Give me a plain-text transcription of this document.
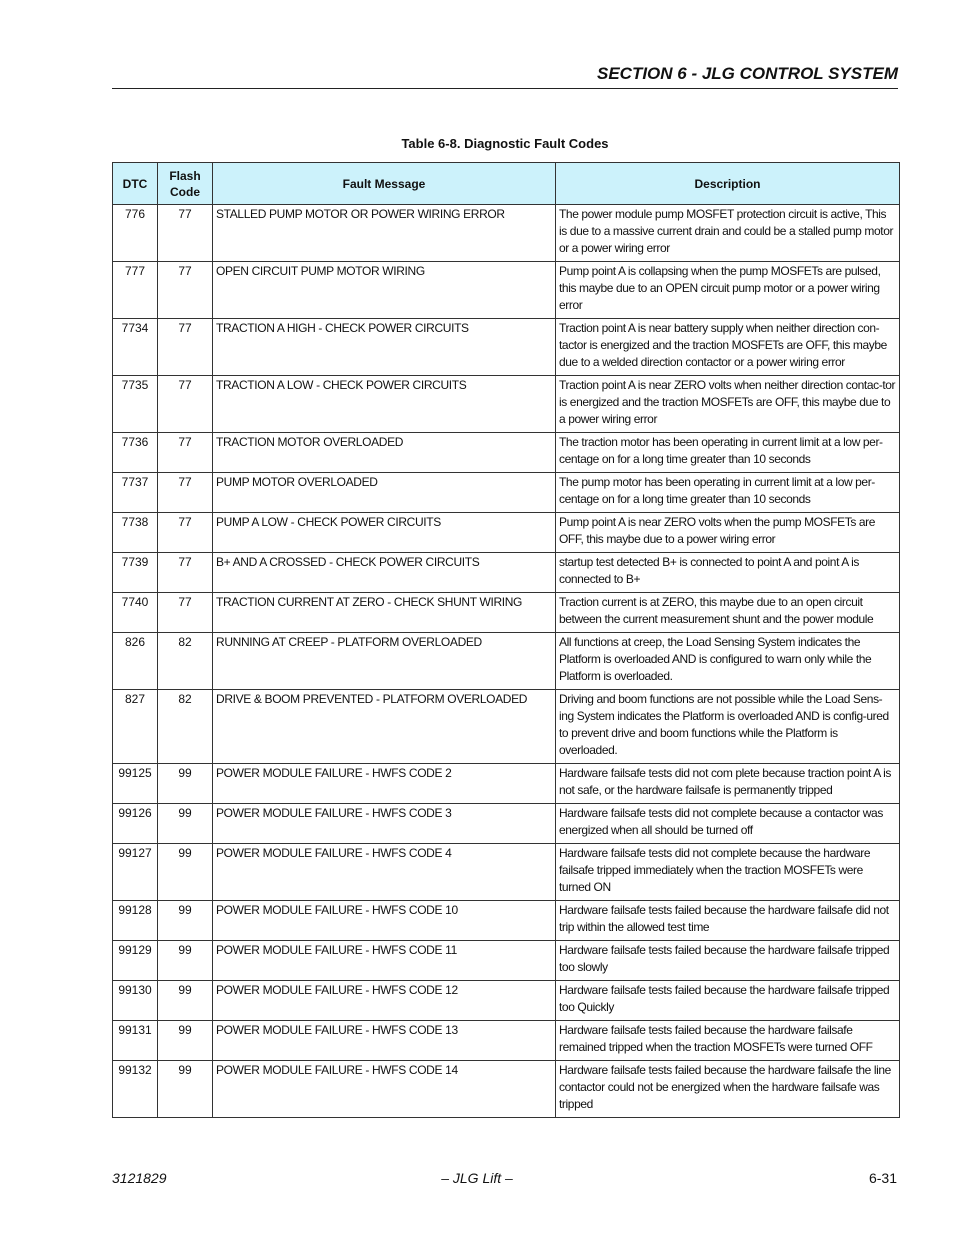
SECTION 6 - JLG CONTROL SYSTEM
Table 6-8. Diagnostic Fault Codes
DTC	Flash Code	Fault Message	Description
776	77	STALLED PUMP MOTOR OR POWER WIRING ERROR	The power module pump MOSFET protection circuit is active, This is due to a massive current drain and could be a stalled pump motor or a power wiring error
777	77	OPEN CIRCUIT PUMP MOTOR WIRING	Pump point A is collapsing when the pump MOSFETs are pulsed, this maybe due to an OPEN circuit pump motor or a power wiring error
7734	77	TRACTION A HIGH - CHECK POWER CIRCUITS	Traction point A is near battery supply when neither direction con-tactor is energized and the traction MOSFETs are OFF, this maybe due to a welded direction contactor or a power wiring error
7735	77	TRACTION A LOW - CHECK POWER CIRCUITS	Traction point A is near ZERO volts when neither direction contac-tor is energized and the traction MOSFETs are OFF, this maybe due to a power wiring error
7736	77	TRACTION MOTOR OVERLOADED	The traction motor has been operating in current limit at a low per-centage on for a long time greater than 10 seconds
7737	77	PUMP MOTOR OVERLOADED	The pump motor has been operating in current limit at a low per-centage on for a long time greater than 10 seconds
7738	77	PUMP A LOW - CHECK POWER CIRCUITS	Pump point A is near ZERO volts when the pump MOSFETs are OFF, this maybe due to a power wiring error
7739	77	B+ AND A CROSSED - CHECK POWER CIRCUITS	startup test detected B+ is connected to point A and point A is connected to B+
7740	77	TRACTION CURRENT AT ZERO - CHECK SHUNT WIRING	Traction current is at ZERO, this maybe due to an open circuit between the current measurement shunt and the power module
826	82	RUNNING AT CREEP - PLATFORM OVERLOADED	All functions at creep, the Load Sensing System indicates the Platform is overloaded AND is configured to warn only while the Platform is overloaded.
827	82	DRIVE & BOOM PREVENTED - PLATFORM OVERLOADED	Driving and boom functions are not possible while the Load Sens-ing System indicates the Platform is overloaded AND is config-ured to prevent drive and boom functions while the Platform is overloaded.
99125	99	POWER MODULE FAILURE - HWFS CODE 2	Hardware failsafe tests did not com plete because traction point A is not safe, or the hardware failsafe is permanently tripped
99126	99	POWER MODULE FAILURE - HWFS CODE 3	Hardware failsafe tests did not complete because a contactor was energized when all should be turned off
99127	99	POWER MODULE FAILURE - HWFS CODE 4	Hardware failsafe tests did not complete because the hardware failsafe tripped immediately when the traction MOSFETs were turned ON
99128	99	POWER MODULE FAILURE - HWFS CODE 10	Hardware failsafe tests failed because the hardware failsafe did not trip within the allowed test time
99129	99	POWER MODULE FAILURE - HWFS CODE 11	Hardware failsafe tests failed because the hardware failsafe tripped too slowly
99130	99	POWER MODULE FAILURE - HWFS CODE 12	Hardware failsafe tests failed because the hardware failsafe tripped too Quickly
99131	99	POWER MODULE FAILURE - HWFS CODE 13	Hardware failsafe tests failed because the hardware failsafe remained tripped when the traction MOSFETs were turned OFF
99132	99	POWER MODULE FAILURE - HWFS CODE 14	Hardware failsafe tests failed because the hardware failsafe the line contactor could not be energized when the hardware failsafe was tripped
3121829	– JLG Lift –	6-31
